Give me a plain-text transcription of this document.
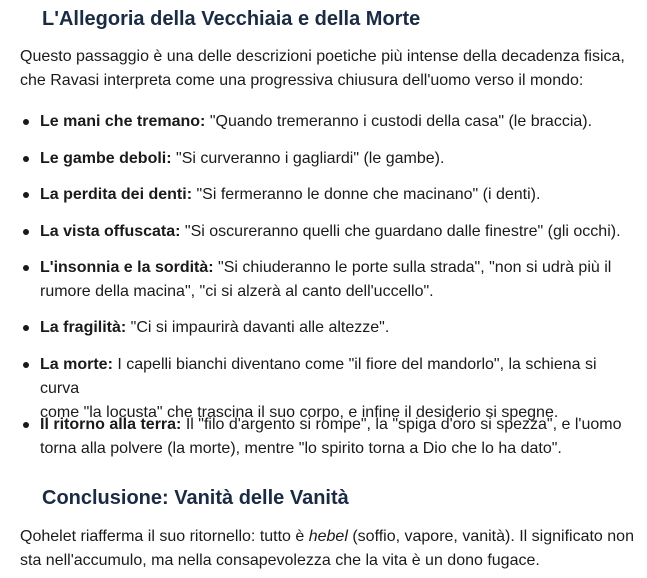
L'Allegoria della Vecchiaia e della Morte

Questo passaggio è una delle descrizioni poetiche più intense della decadenza fisica,
che Ravasi interpreta come una progressiva chiusura dell'uomo verso il mondo:

Le mani che tremano: "Quando tremeranno i custodi della casa" (le braccia).
Le gambe deboli: "Si curveranno i gagliardi" (le gambe).
La perdita dei denti: "Si fermeranno le donne che macinano" (i denti).
La vista offuscata: "Si oscureranno quelli che guardano dalle finestre" (gli occhi).
L'insonnia e la sordità: "Si chiuderanno le porte sulla strada", "non si udrà più il
rumore della macina", "ci si alzerà al canto dell'uccello".
La fragilità: "Ci si impaurirà davanti alle altezze".
La morte: I capelli bianchi diventano come "il fiore del mandorlo", la schiena si curva
come "la locusta" che trascina il suo corpo, e infine il desiderio si spegne.
Il ritorno alla terra: Il "filo d'argento si rompe", la "spiga d'oro si spezza", e l'uomo
torna alla polvere (la morte), mentre "lo spirito torna a Dio che lo ha dato".
Conclusione: Vanità delle Vanità

Qohelet riafferma il suo ritornello: tutto è hebel (soffio, vapore, vanità). Il significato non
sta nell'accumulo, ma nella consapevolezza che la vita è un dono fugace.
